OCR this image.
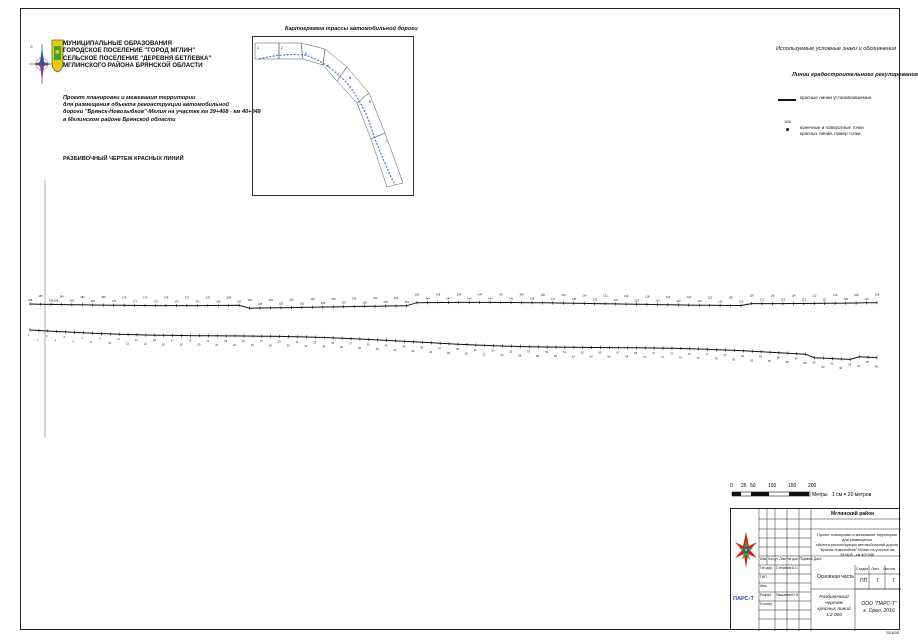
С	МУНИЦИПАЛЬНЫЕ ОБРАЗОВАНИЯ
ГОРОДСКОЕ ПОСЕЛЕНИЕ "ГОРОД МГЛИН"
СЕЛЬСКОЕ ПОСЕЛЕНИЕ "ДЕРЕВНЯ БЕТЛЕВКА"
МГЛИНСКОГО РАЙОНА БРЯНСКОЙ ОБЛАСТИ
Проект планировки и межевания территории
для размещения объекта реконструкции автомобильной
дороги "Брянск-Новозыбков"-Мглин на участке км 39+408 - км 40+048
в Мглинском районе Брянской области
РАЗБИВОЧНЫЙ ЧЕРТЕЖ КРАСНЫХ ЛИНИЙ
Картограмма трассы автомобильной дороги
1	2
3
4
5
6
7
Используемые условные знаки и обозначения
Линии градостроительного регулирования
красные линии устанавливаемые
106
конечные и поворотные точки
красных линий, номер точки
188
187
186 185
184
183
182
181
180
179
178
177
176
175
174
173
172
171
170
169
168
167 166
165
164
163
162
161
160
159
158
157
156
155
154
153
152
151
150
149
148
147
146
145
144
143
142
141
140
139
138
137
136
135
134
133
132
131
130
129
128
127
126
125
124
123
122
121
120
119
118
117
116
115
114
113
112
111
110
109
108
107
106
1
2
3
4
5
6
7
8
9
10
11
12
13
14
15
16
17
18
19
20
21
22
23
24
25
26
27
28
29
30
31
32
33
34
35
36
37
38
39
40
41
42
43
44
45
46
47
48
49
50
51
52
53
54
55
56
57
58
59
60
61
62
63
64
65
66
67
68
69
70
71
72
73
74
75
76
77
78
79
80
81
82
83
84
85
86
87
88 89
90
91
92
93 94
95
96
0 25 50 100 150 200
Метры 1 см = 20 метров
Мглинский район
Проект планировки и межевания территории для размещения
объекта реконструкции автомобильной дороги
"Брянск-Новозыбков"-Мглин на участке км 39+408 - км 40+048
Изм. Кол.уч Лист № док. Подпись Дата
Ген.дир. Степанов Е.С.
ГИП
Инж.
Разраб. Пашаева Ю.Н.
Н.контр.
Основная часть
Стадия Лист Листов
ПП 7	7
Разбивочный чертеж
красных линий
1:2 000
ООО "ПАРС-Т"
г. Орел, 2016
ПАРС-Т
2016/08
